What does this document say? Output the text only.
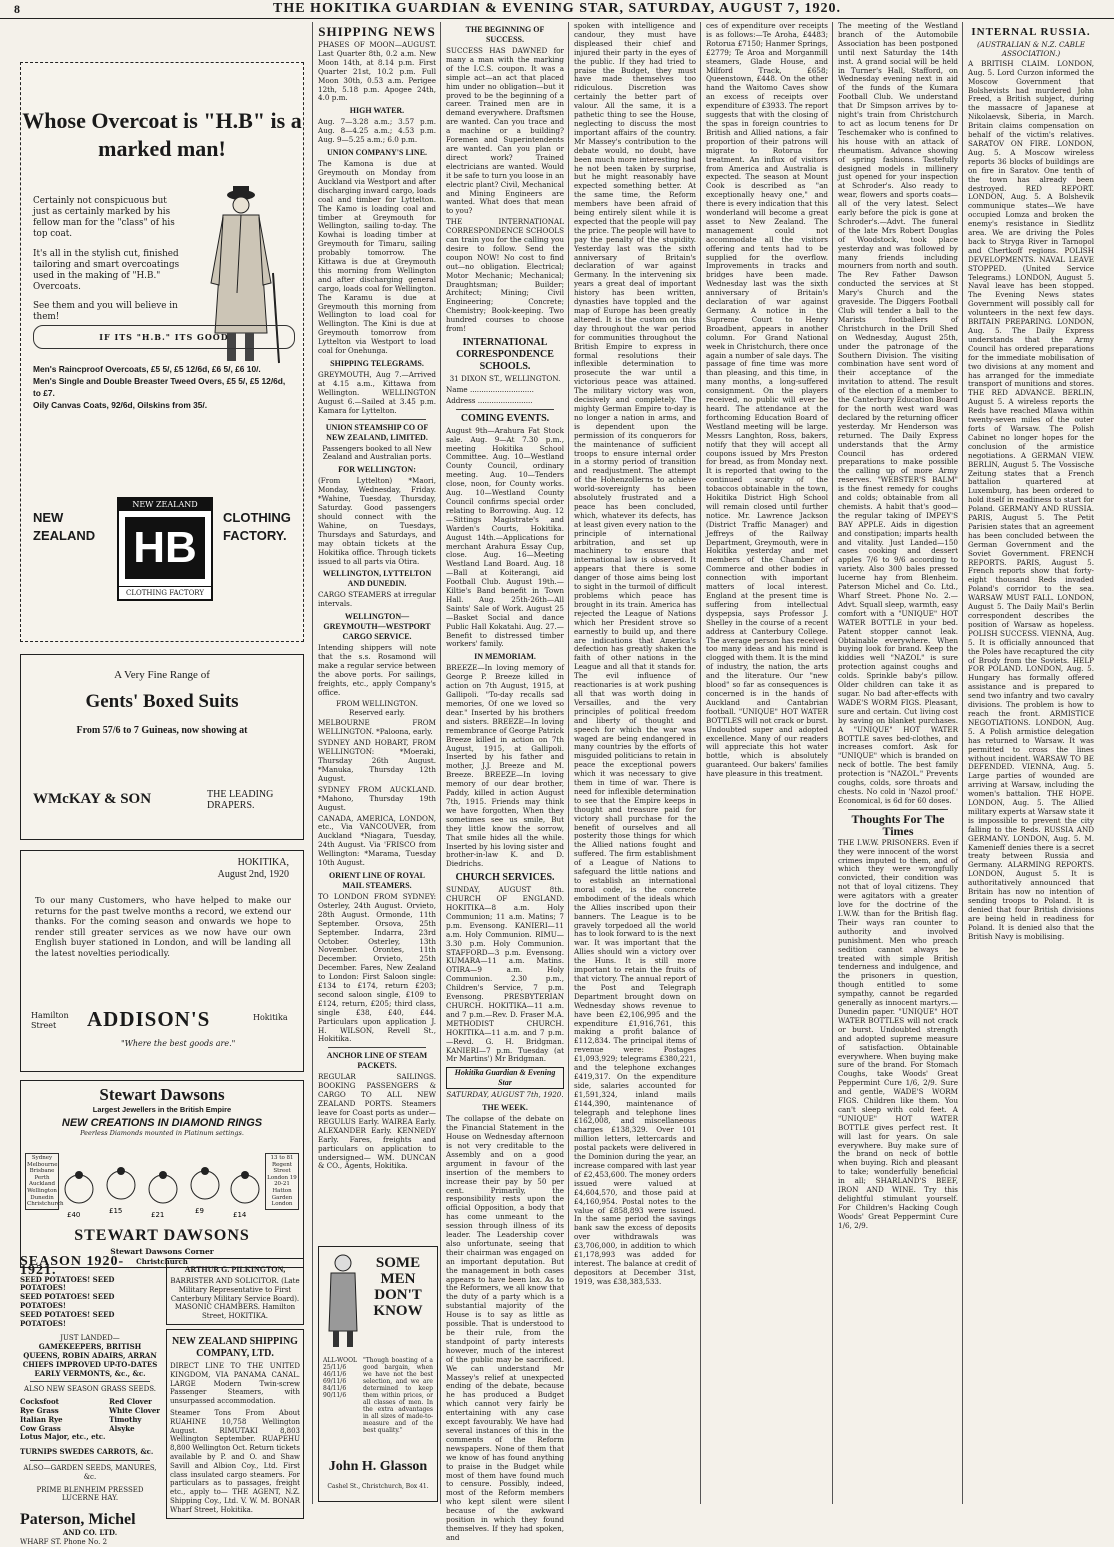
8	THE HOKITIKA GUARDIAN & EVENING STAR, SATURDAY, AUGUST 7, 1920.
Whose Overcoat is "H.B" is a marked man!

Certainly not conspicuous but just as certainly marked by his fellow man for the "class" of his top coat.

It's all in the stylish cut, finished tailoring and smart overcoatings used in the making of "H.B." Overcoats.

See them and you will believe in them!

IF ITS "H.B." ITS GOOD
Men's Raincproof Overcoats, £5 5/, £5 12/6d, £6 5/, £6 10/.
Men's Single and Double Breaster Tweed Overs, £5 5/, £5 12/6d, to £7.
Oily Canvas Coats, 92/6d, Oilskins from 35/.
NEW ZEALAND
NEW ZEALAND
HB
CLOTHING FACTORY
CLOTHING FACTORY.
A Very Fine Range of
Gents' Boxed Suits
From 57/6 to 7 Guineas, now showing at
WMcKAY & SON	THE LEADING DRAPERS.
HOKITIKA,
August 2nd, 1920
To our many Customers, who have helped to make our returns for the past twelve months a record, we extend our thanks. For the coming season and onwards we hope to render still greater services as we now have our own English buyer stationed in London, and will be landing all the latest novelties periodically.
Hamilton Street	ADDISON'S	Hokitika
"Where the best goods are."
Stewart Dawsons
Largest Jewellers in the British Empire
NEW CREATIONS IN DIAMOND RINGS
Peerless Diamonds mounted in Platinum settings.
Sydney Melbourne Brisbane Perth Auckland Wellington Dunedin Christchurch
13 to 81 Regent Street London 19 20-21 Hatton Garden London
£40	£15	£21	£9	£14
STEWART DAWSONS
Stewart Dawsons Corner
Christchurch
SEASON 1920-1921.
SEED POTATOES! SEED POTATOES!
SEED POTATOES! SEED POTATOES!
SEED POTATOES! SEED POTATOES!
JUST LANDED—
GAMEKEEPERS, BRITISH QUEENS, ROBIN ADAIRS, ARRAN CHIEFS IMPROVED UP-TO-DATES EARLY VERMONTS, &c., &c.
ALSO NEW SEASON GRASS SEEDS.
Cocksfoot
Rye Grass
Italian Rye
Cow Grass
Lotus Major, etc., etc.
Red Clover
White Clover
Timothy
Alsyke
TURNIPS SWEDES CARROTS, &c.
ALSO—GARDEN SEEDS, MANURES, &c.
PRIME BLENHEIM PRESSED LUCERNE HAY.
Paterson, Michel
AND CO. LTD.
WHARF ST. Phone No. 2
ARTHUR G. PILKINGTON,
BARRISTER AND SOLICITOR. (Late Military Representative to First Canterbury Military Service Board). MASONIC CHAMBERS. Hamilton Street, HOKITIKA.
NEW ZEALAND SHIPPING COMPANY, LTD.
DIRECT LINE TO THE UNITED KINGDOM, VIA PANAMA CANAL. LARGE Modern Twin-screw Passenger Steamers, with unsurpassed accommodation.
Steamer Tons From About RUAHINE 10,758 Wellington August. RIMUTAKI 8,803 Wellington September. RUAPEHU 8,800 Wellington Oct. Return tickets available by P. and O. and Shaw Savill and Albion Coy., Ltd. First class insulated cargo steamers. For particulars as to passages, freight etc., apply to— THE AGENT, N.Z. Shipping Coy., Ltd. V. W. M. BONAR Wharf Street, Hokitika.
SHIPPING NEWS

PHASES OF MOON—AUGUST. Last Quarter 8th, 0.2 a.m. New Moon 14th, at 8.14 p.m. First Quarter 21st, 10.2 p.m. Full Moon 30th, 0.53 a.m. Perigee 12th, 5.18 p.m. Apogee 24th, 4.0 p.m.

HIGH WATER.

Aug. 7—3.28 a.m.; 3.57 p.m. Aug. 8—4.25 a.m.; 4.53 p.m. Aug. 9—5.25 a.m.; 6.0 p.m.

UNION COMPANY'S LINE.

The Kamona is due at Greymouth on Monday from Auckland via Westport and after discharging inward cargo, loads coal and timber for Lyttelton. The Kamo is loading coal and timber at Greymouth for Wellington, sailing to-day. The Kowhai is loading timber at Greymouth for Timaru, sailing probably tomorrow. The Kittawa is due at Greymouth this morning from Wellington and after discharging general cargo, loads coal for Wellington. The Karamu is due at Greymouth this morning from Wellington to load coal for Wellington. The Kini is due at Greymouth tomorrow from Lyttelton via Westport to load coal for Onehunga.

SHIPPING TELEGRAMS.

GREYMOUTH, Aug 7.—Arrived at 4.15 a.m., Kittawa from Wellington. WELLINGTON August 6.—Sailed at 3.45 p.m. Kamara for Lyttelton.

UNION STEAMSHIP CO OF NEW ZEALAND, LIMITED.

Passengers booked to all New Zealand and Australian ports.

FOR WELLINGTON:

(From Lyttelton) *Maori, Monday, Wednesday, Friday. *Wahine, Tuesday, Thursday, Saturday. Good passengers should connect with the Wahine, on Tuesdays, Thursdays and Saturdays, and may obtain tickets at the Hokitika office. Through tickets issued to all parts via Otira.

WELLINGTON, LYTTELTON AND DUNEDIN.

CARGO STEAMERS at irregular intervals.

WELLINGTON—GREYMOUTH—WESTPORT CARGO SERVICE.

Intending shippers will note that the s.s. Rosamond will make a regular service between the above ports. For sailings, freights, etc., apply Company's office.

FROM WELLINGTON. Reserved early.

MELBOURNE FROM WELLINGTON. *Paloona, early.

SYDNEY AND HOBART, FROM WELLINGTON: *Moeraki, Thursday 26th August. *Manuka, Thursday 12th August.

SYDNEY FROM AUCKLAND. *Mahono, Thursday 19th August.

CANADA, AMERICA, LONDON, etc., Via VANCOUVER, from Auckland *Niagara, Tuesday, 24th August. Via 'FRISCO from Wellington: *Marama, Tuesday 10th August.

ORIENT LINE OF ROYAL MAIL STEAMERS.

TO LONDON FROM SYDNEY: Osterley, 24th August. Orvieto, 28th August. Ormonde, 11th September. Orsova, 25th September. Indarra, 23rd October. Osterley, 13th November. Orontes, 11th December. Orvieto, 25th December. Fares, New Zealand to London: First Saloon single: £134 to £174, return £203; second saloon single, £109 to £124, return, £205; third class, single £38, £40, £44. Particulars upon application J. H. WILSON, Revell St., Hokitika.

ANCHOR LINE OF STEAM PACKETS.

REGULAR SAILINGS. BOOKING PASSENGERS & CARGO TO ALL NEW ZEALAND PORTS. Steamers leave for Coast ports as under— REGULUS Early. WAIREA Early. ALEXANDER Early. KENNEDY Early. Fares, freights and particulars on application to undersigned— WM. DUNCAN & CO., Agents, Hokitika.

THE BEGINNING OF SUCCESS.

SUCCESS HAS DAWNED for many a man with the marking of the I.C.S. coupon. It was a simple act—an act that placed him under no obligation—but it proved to be the beginning of a career. Trained men are in demand everywhere. Draftsmen are wanted. Can you trace and a machine or a building? Foremen and Superintendents are wanted. Can you plan or direct work? Trained electricians are wanted. Would it be safe to turn you loose in an electric plant? Civil, Mechanical and Mining Engineers are wanted. What does that mean to you?

THE INTERNATIONAL CORRESPONDENCE SCHOOLS can train you for the calling you desire to follow. Send the coupon NOW! No cost to find out—no obligation. Electrical; Motor Mechanic; Mechanical; Draughtsman; Builder; Architect; Mining; Civil Engineering; Concrete; Chemistry; Book-keeping. Two hundred courses to choose from!

INTERNATIONAL CORRESPONDENCE SCHOOLS.

31 DIXON ST., WELLINGTON.

Name ............................

Address ........................

COMING EVENTS.

August 9th—Arahura Fat Stock sale. Aug. 9—At 7.30 p.m., meeting Hokitika School Committee. Aug. 10—Westland County Council, ordinary meeting. Aug. 10—Tenders close, noon, for County works. Aug. 10—Westland County Council confirms special order relating to Borrowing. Aug. 12—Sittings Magistrate's and Warden's Courts, Hokitika. August 14th.—Applications for merchant Arahura Essay Cup, close. Aug. 16—Meeting Westland Land Board. Aug. 18—Ball at Koiterangi, aid Football Club. August 19th.—Kiltie's Band benefit in Town Hall. Aug. 25th-26th—All Saints' Sale of Work. August 25—Basket Social and dance Public Hall Kokatahi. Aug. 27.—Benefit to distressed timber workers' family.

IN MEMORIAM.

BREEZE—In loving memory of George P. Breeze killed in action on 7th August, 1915, at Gallipoli. "To-day recalls sad memories, Of one we loved so dear." Inserted by his brothers and sisters. BREEZE—In loving remembrance of George Patrick Breeze killed in action on 7th August, 1915, at Gallipoli. Inserted by his father and mother, J.J. Breeze and M. Breeze. BREEZE—In loving memory of our dear brother, Paddy, killed in action August 7th, 1915. Friends may think we have forgotten, When they sometimes see us smile, But they little know the sorrow, That smile hides all the while. Inserted by his loving sister and brother-in-law K. and D. Diedrichs.

CHURCH SERVICES.

SUNDAY, AUGUST 8th. CHURCH OF ENGLAND. HOKITIKA—8 a.m. Holy Communion; 11 a.m. Matins; 7 p.m. Evensong. KANIERI—11 a.m. Holy Communion. RIMU—3.30 p.m. Holy Communion. STAFFORD—3 p.m. Evensong. KUMARA—11 a.m. Matins. OTIRA—9 a.m. Holy Communion. 2.30 p.m., Children's Service, 7 p.m. Evensong. PRESBYTERIAN CHURCH. HOKITIKA—11 a.m. and 7 p.m.—Rev. D. Fraser M.A. METHODIST CHURCH. HOKITIKA—11 a.m. and 7 p.m.—Revd. G. H. Bridgman. KANIERI—7 p.m. Tuesday (at Mr Martins') Mr Bridgman.

Hokitika Guardian & Evening Star
SATURDAY, AUGUST 7th, 1920.
THE WEEK.

The collapse of the debate on the Financial Statement in the House on Wednesday afternoon is not very creditable to the Assembly and on a good argument in favour of the insertion of the members to increase their pay by 50 per cent. Primarily, the responsibility rests upon the official Opposition, a body that has come unmeant to the session through illness of its leader. The Leadership cover also unfortunate, seeing that their chairman was engaged on an important deputation. But the management in both cases appears to have been lax. As to the Reformers, we all know that the duty of a party which is a substantial majority of the House is to say as little as possible. That is understood to be their rule, from the standpoint of party interests however, much of the interest of the public may be sacrificed. We can understand Mr Massey's relief at unexpected ending of the debate, because he has produced a Budget which cannot very fairly be entertaining with any case except favourably. We have had several instances of this in the comments of the Reform newspapers. None of them that we know of has found anything to praise in the Budget while most of them have found much to censure. Possibly, indeed, most of the Reform members who kept silent were silent because of the awkward position in which they found themselves. If they had spoken, and

SOME MEN DON'T KNOW
ALL-WOOL 25/11/6 46/11/6 69/11/6 84/11/6 90/11/6
"Though boasting of a good bargain, when we have not the best selection, and we are determined to keep them within prices, or all classes of men. In the extra advantages in all sizes of made-to-measure and of the best quality."
John H. Glasson
Cashel St., Christchurch, Box 41.

spoken with intelligence and candour, they must have displeased their chief and injured their party in the eyes of the public. If they had tried to praise the Budget, they must have made themselves too ridiculous. Discretion was certainly the better part of valour. All the same, it is a pathetic thing to see the House, neglecting to discuss the most important affairs of the country. Mr Massey's contribution to the debate would, no doubt, have been much more interesting had he not been taken by surprise, but he might reasonably have expected something better. At the same time, the Reform members have been afraid of being entirely silent while it is expected that the people will pay the price. The people will have to pay the penalty of the stupidity. Yesterday last was the sixth anniversary of Britain's declaration of war against Germany. In the intervening six years a great deal of important history has been written, dynasties have toppled and the map of Europe has been greatly altered. It is the custom on this day throughout the war period for communities throughout the British Empire to express in formal resolutions their inflexible determination to prosecute the war until a victorious peace was attained. The military victory was won, decisively and completely. The mighty German Empire to-day is no longer a nation in arms, and is dependent upon the permission of its conquerors for the maintenance of sufficient troops to ensure internal order in a stormy period of transition and readjustment. The attempt of the Hohenzollerns to achieve world-sovereignty has been absolutely frustrated and a peace has been concluded, which, whatever its defects, has at least given every nation to the principle of international arbitration, and set up machinery to ensure that international law is observed. It appears that there is some danger of those aims being lost to sight in the turmoil of difficult problems which peace has brought in its train. America has rejected the League of Nations which her President strove so earnestly to build up, and there are indications that America's defection has greatly shaken the faith of other nations in the League and all that it stands for. The evil influence of reactionaries is at work pushing all that was worth doing in Versailles, and the very principles of political freedom and liberty of thought and speech for which the war was waged are being endangered in many countries by the efforts of misguided politicians to retain in peace the exceptional powers which it was necessary to give them in time of war. There is need for inflexible determination to see that the Empire keeps in thought and treasure paid for victory shall purchase for the benefit of ourselves and all posterity those things for which the Allied nations fought and suffered. The firm establishment of a League of Nations to safeguard the little nations and to establish an international moral code, is the concrete embodiment of the ideals which the Allies inscribed upon their banners. The League is to be gravely torpedoed all the world has to look forward to is the next war. It was important that the Allies should win a victory over the Huns. It is still more important to retain the fruits of that victory. The annual report of the Post and Telegraph Department brought down on Wednesday shows revenue to have been £2,106,995 and the expenditure £1,916,761, this making a profit balance of £112,834. The principal items of revenue were: Postages £1,093,929; telegrams £380,221, and the telephone exchanges £419,317. On the expenditure side, salaries accounted for £1,591,324, inland mails £144,390, maintenance of telegraph and telephone lines £162,008, and miscellaneous charges £138,329. Over 101 million letters, lettercards and postal packets were delivered in the Dominion during the year, an increase compared with last year of £2,453,600. The money orders issued were valued at £4,604,570, and those paid at £4,160,954. Postal notes to the value of £858,893 were issued. In the same period the savings bank saw the excess of deposits over withdrawals was £3,706,000, in addition to which £1,178,993 was added for interest. The balance at credit of depositors at December 31st, 1919, was £38,383,533.

ces of expenditure over receipts is as follows:—Te Aroha, £4483; Rotorua £7150; Hanmer Springs, £2779; Te Aroa and Morganmill steamers, Glade House, and Milford Track, £658; Queenstown, £448. On the other hand the Waitomo Caves show an excess of receipts over expenditure of £3933. The report suggests that with the closing of the spas in foreign countries to British and Allied nations, a fair proportion of their patrons will migrate to Rotorua for treatment. An influx of visitors from America and Australia is expected. The season at Mount Cook is described as "an exceptionally heavy one," and there is every indication that this wonderland will become a great asset to New Zealand. The management could not accommodate all the visitors offering and tents had to be supplied for the overflow. Improvements in tracks and bridges have been made. Wednesday last was the sixth anniversary of Britain's declaration of war against Germany. A notice in the Supreme Court to Henry Broadbent, appears in another column. For Grand National week in Christchurch, there once again a number of sale days. The passage of fine time was more than pleasing, and this time, in many months, a long-suffered consignment. On the players received, no public will ever be heard. The attendance at the forthcoming Education Board of Westland meeting will be large. Messrs Langhton, Ross, bakers, notify that they will accept all coupons issued by Mrs Preston for bread, as from Monday next. It is reported that owing to the continued scarcity of the tobaccos obtainable in the town, Hokitika District High School will remain closed until further notice. Mr. Lawrence Jackson (District Traffic Manager) and Jeffreys of the Railway Department, Greymouth, were in Hokitika yesterday and met members of the Chamber of Commerce and other bodies in connection with important matters of local interest. England at the present time is suffering from intellectual dyspepsia, says Professor J. Shelley in the course of a recent address at Canterbury College. The average person has received too many ideas and his mind is clogged with them. It is the mind of industry, the nation, the arts and the literature. Our "new blood" so far as consequences is concerned is in the hands of Auckland and Cantabrian football. "UNIQUE" HOT WATER BOTTLES will not crack or burst. Undoubted super and adopted excellence. Many of our readers will appreciate this hot water bottle, which is absolutely guaranteed. Our bakers' families have pleasure in this treatment.

The meeting of the Westland branch of the Automobile Association has been postponed until next Saturday the 14th inst. A grand social will be held in Turner's Hall, Stafford, on Wednesday evening next in aid of the funds of the Kumara Football Club. We understand that Dr Simpson arrives by to-night's train from Christchurch to act as locum tenens for Dr Teschemaker who is confined to his house with an attack of rheumatism. Advance showing of spring fashions. Tastefully designed models in millinery just opened for your inspection at Schroder's. Also ready to wear, flowers and sports coats—all of the very latest. Select early before the pick is gone at Schroder's.—Advt. The funeral of the late Mrs Robert Douglas of Woodstock, took place yesterday and was followed by many friends including mourners from north and south. The Rev Father Dawson conducted the services at St Mary's Church and the graveside. The Diggers Football Club will tender a ball to the Marists footballers of Christchurch in the Drill Shed on Wednesday, August 25th, under the patronage of the Southern Division. The visiting combination have sent word of their acceptance of the invitation to attend. The result of the election of a member to the Canterbury Education Board for the north west ward was declared by the returning officer yesterday. Mr Henderson was returned. The Daily Express understands that the Army Council has ordered preparations to make possible the calling up of more Army reserves. "WEBSTER'S BALM" is the finest remedy for coughs and colds; obtainable from all chemists. A habit that's good—the regular taking of IMPEY'S BAY APPLE. Aids in digestion and constipation; imparts health and vitality. Just Landed—150 cases cooking and dessert apples 7/6 to 9/6 according to variety. Also 300 bales pressed lucerne hay from Blenheim. Paterson Michel and Co. Ltd., Wharf Street. Phone No. 2.—Advt. Squall sleep, warmth, easy comfort with a "UNIQUE" HOT WATER BOTTLE in your bed. Patent stopper cannot leak. Obtainable everywhere. When buying look for brand. Keep the kiddies well "NAZOL" is sure protection against coughs and colds. Sprinkle baby's pillow. Older children can take it as sugar. No bad after-effects with WADE'S WORM FIGS. Pleasant, sure and certain. Cut living cost by saving on blanket purchases. A "UNIQUE" HOT WATER BOTTLE saves bed-clothes, and increases comfort. Ask for "UNIQUE" which is branded on neck of bottle. The best family protection is "NAZOL." Prevents coughs, colds, sore throats and chests. No cold in 'Nazol proof.' Economical, is 6d for 60 doses.

Thoughts For The Times

THE I.W.W. PRISONERS. Even if they were innocent of the worst crimes imputed to them, and of which they were wrongfully convicted, their condition was not that of loyal citizens. They were agitators with a greater love for the doctrine of the I.W.W. than for the British flag. Their ways ran counter to authority and involved punishment. Men who preach sedition cannot always be treated with simple British tenderness and indulgence, and the prisoners in question, though entitled to some sympathy, cannot be regarded generally as innocent martyrs.—Dunedin paper. "UNIQUE" HOT WATER BOTTLES will not crack or burst. Undoubted strength and adopted supreme measure of satisfaction. Obtainable everywhere. When buying make sure of the brand. For Stomach Coughs, take Woods' Great Peppermint Cure 1/6, 2/9. Sure and gentle, WADE'S WORM FIGS. Children like them. You can't sleep with cold feet. A "UNIQUE" HOT WATER BOTTLE gives perfect rest. It will last for years. On sale everywhere. Buy make sure of the brand on neck of bottle when buying. Rich and pleasant to take; wonderfully beneficial in all; SHARLAND'S BEEF, IRON AND WINE. Try this delightful stimulant yourself. For Children's Hacking Cough Woods' Great Peppermint Cure 1/6, 2/9.

INTERNAL RUSSIA.
(AUSTRALIAN & N.Z. CABLE ASSOCIATION.)

A BRITISH CLAIM. LONDON, Aug. 5. Lord Curzon informed the Moscow Government that Bolshevists had murdered John Freed, a British subject, during the massacre of Japanese at Nikolaevsk, Siberia, in March. Britain claims compensation on behalf of the victim's relatives. SARATOV ON FIRE. LONDON, Aug. 5. A Moscow wireless reports 36 blocks of buildings are on fire in Saratov. One tenth of the town has already been destroyed. RED REPORT. LONDON, Aug. 5. A Bolshevik communique states—We have occupied Lomza and broken the enemy's resistance in Siedlitz area. We are driving the Poles back to Stryga River in Tarnopol and Chertkoff regions. POLISH DEVELOPMENTS. NAVAL LEAVE STOPPED. (United Service Telegrams.) LONDON, August 5. Naval leave has been stopped. The Evening News states Government will possibly call for volunteers in the next few days. BRITAIN PREPARING. LONDON, Aug. 5. The Daily Express understands that the Army Council has ordered preparations for the immediate mobilisation of two divisions at any moment and has arranged for the immediate transport of munitions and stores. THE RED ADVANCE. BERLIN, August 5. A wireless reports the Reds have reached Mlawa within twenty-seven miles of the outer forts of Warsaw. The Polish Cabinet no longer hopes for the conclusion of the armistice negotiations. A GERMAN VIEW. BERLIN, August 5. The Vossische Zeitung states that a French battalion quartered at Luxemburg, has been ordered to hold itself in readiness to start for Poland. GERMANY AND RUSSIA. PARIS, August 5. The Petit Parisien states that an agreement has been concluded between the German Government and the Soviet Government. FRENCH REPORTS. PARIS, August 5. French reports show that forty-eight thousand Reds invaded Poland's corridor to the sea. WARSAW MUST FALL. LONDON, August 5. The Daily Mail's Berlin correspondent describes the position of Warsaw as hopeless. POLISH SUCCESS. VIENNA, Aug. 5. It is officially announced that the Poles have recaptured the city of Brody from the Soviets. HELP FOR POLAND. LONDON, Aug. 5. Hungary has formally offered assistance and is prepared to send two infantry and two cavalry divisions. The problem is how to reach the front. ARMISTICE NEGOTIATIONS. LONDON, Aug. 5. A Polish armistice delegation has returned to Warsaw. It was permitted to cross the lines without incident. WARSAW TO BE DEFENDED. VIENNA, Aug. 5. Large parties of wounded are arriving at Warsaw, including the women's battalion. THE HOPE. LONDON, Aug. 5. The Allied military experts at Warsaw state it is impossible to prevent the city falling to the Reds. RUSSIA AND GERMANY. LONDON, Aug. 5. M. Kamenieff denies there is a secret treaty between Russia and Germany. ALARMING REPORTS. LONDON, August 5. It is authoritatively announced that Britain has now no intention of sending troops to Poland. It is denied that four British divisions are being held in readiness for Poland. It is denied also that the British Navy is mobilising.
